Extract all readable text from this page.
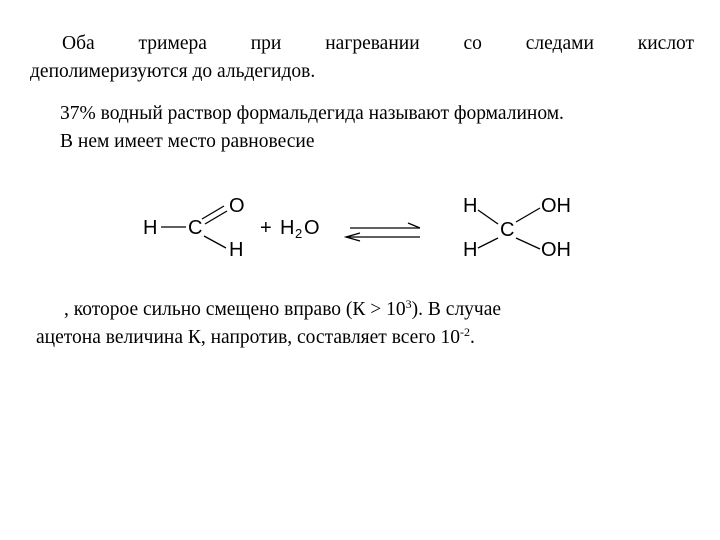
Оба тримера при нагревании со следами кислот
деполимеризуются до альдегидов.
37% водный раствор формальдегида называют формалином.
В нем имеет место равновесие
H C
O
H
+ H 2 O
H
C
OH
H	OH
, которое сильно смещено вправо $(К > 10^3)$. В случае
ацетона величина К, напротив, составляет всего $10^{-2}$.
